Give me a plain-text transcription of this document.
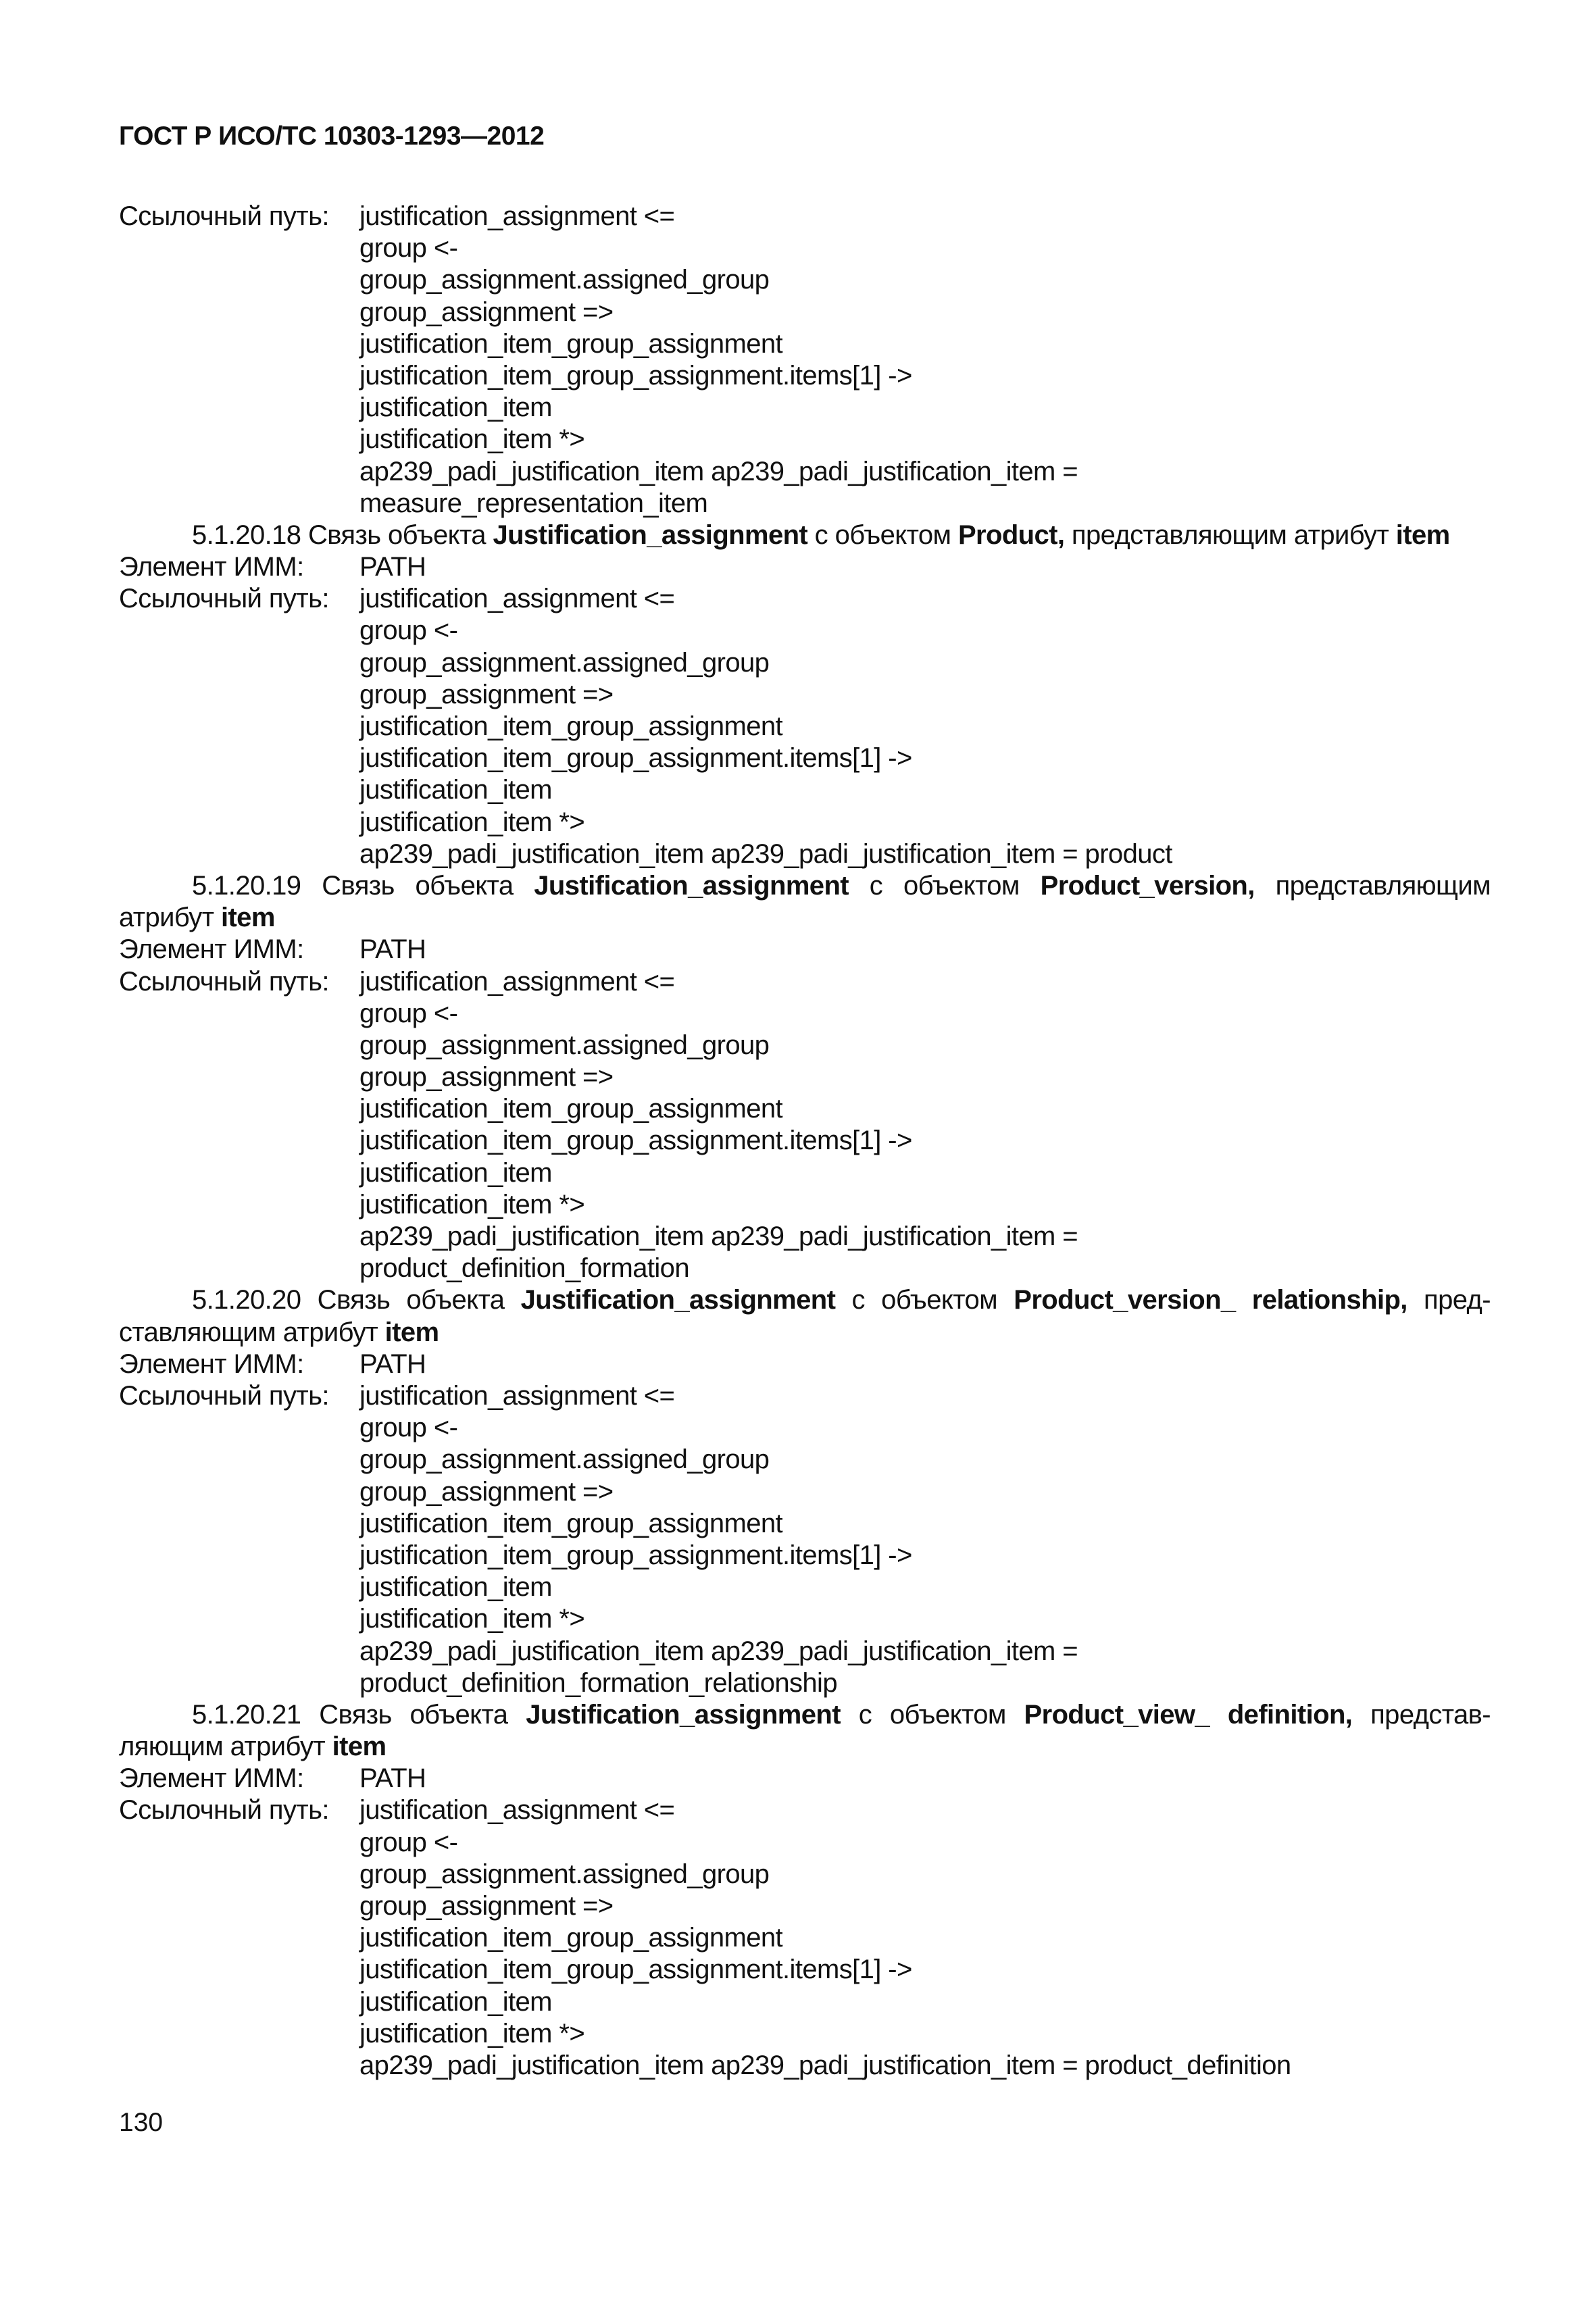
ГОСТ Р ИСО/ТС 10303-1293—2012
Ссылочный путь:	justification_assignment <=
group <-
group_assignment.assigned_group
group_assignment =>
justification_item_group_assignment
justification_item_group_assignment.items[1] ->
justification_item
justification_item *>
ap239_padi_justification_item ap239_padi_justification_item =
measure_representation_item
5.1.20.18 Связь объекта Justification_assignment с объектом Product, представляющим атрибут item
Элемент ИММ:	PATH
Ссылочный путь:	justification_assignment <=
group <-
group_assignment.assigned_group
group_assignment =>
justification_item_group_assignment
justification_item_group_assignment.items[1] ->
justification_item
justification_item *>
ap239_padi_justification_item ap239_padi_justification_item = product
5.1.20.19 Связь объекта Justification_assignment с объектом Product_version, представляющим атрибут item
Элемент ИММ:	PATH
Ссылочный путь:	justification_assignment <=
group <-
group_assignment.assigned_group
group_assignment =>
justification_item_group_assignment
justification_item_group_assignment.items[1] ->
justification_item
justification_item *>
ap239_padi_justification_item ap239_padi_justification_item =
product_definition_formation
5.1.20.20 Связь объекта Justification_assignment с объектом Product_version_ relationship, пред-ставляющим атрибут item
Элемент ИММ:	PATH
Ссылочный путь:	justification_assignment <=
group <-
group_assignment.assigned_group
group_assignment =>
justification_item_group_assignment
justification_item_group_assignment.items[1] ->
justification_item
justification_item *>
ap239_padi_justification_item ap239_padi_justification_item =
product_definition_formation_relationship
5.1.20.21 Связь объекта Justification_assignment с объектом Product_view_ definition, представ-ляющим атрибут item
Элемент ИММ:	PATH
Ссылочный путь:	justification_assignment <=
group <-
group_assignment.assigned_group
group_assignment =>
justification_item_group_assignment
justification_item_group_assignment.items[1] ->
justification_item
justification_item *>
ap239_padi_justification_item ap239_padi_justification_item = product_definition
130
